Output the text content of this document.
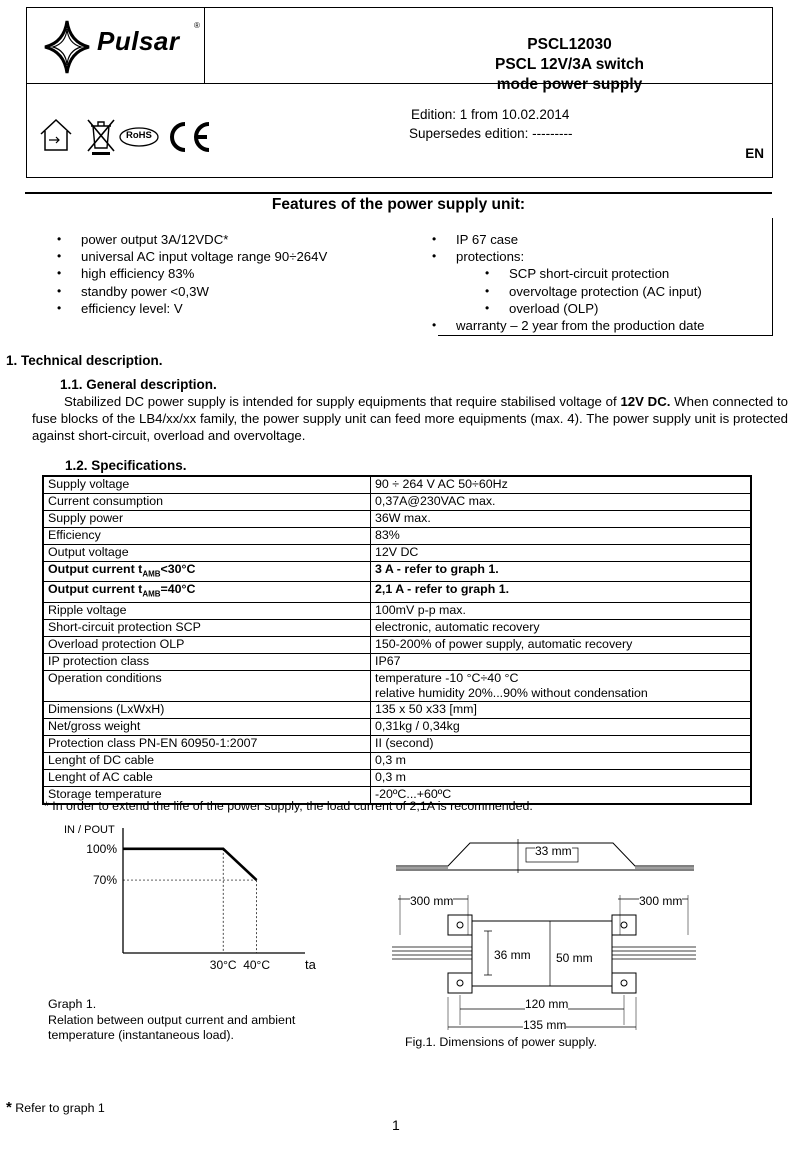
Pulsar
®
PSCL12030
PSCL 12V/3A switch
mode power supply
RoHS
Edition: 1 from 10.02.2014
Supersedes edition: ---------
EN
Features of the power supply unit:
• power output 3A/12VDC*
• universal AC input voltage range 90÷264V
• high efficiency 83%
• standby power <0,3W
• efficiency level: V
• IP 67 case
• protections:
• SCP short-circuit protection
• overvoltage protection (AC input)
• overload (OLP)
• warranty – 2 year from the production date
1. Technical description.
1.1. General description.
Stabilized DC power supply is intended for supply equipments that require stabilised voltage of 12V DC. When connected to fuse blocks of the LB4/xx/xx family, the power supply unit can feed more equipments (max. 4). The power supply unit is protected against short-circuit, overload and overvoltage.
1.2. Specifications.
Supply voltage	90 ÷ 264 V AC 50÷60Hz
Current consumption	0,37A@230VAC max.
Supply power	36W max.
Efficiency	83%
Output voltage	12V DC
Output current $t_{AMB}<30^\circ C$	3 A - refer to graph 1.
Output current $t_{AMB}=40^\circ C$	2,1 A - refer to graph 1.
Ripple voltage	100mV p-p max.
Short-circuit protection SCP	electronic, automatic recovery
Overload protection OLP	150-200% of power supply, automatic recovery
IP protection class	IP67
Operation conditions	temperature -10 °C÷40 °C
relative humidity 20%...90% without condensation

Dimensions (LxWxH)	135 x 50 x33 [mm]
Net/gross weight	0,31kg / 0,34kg
Protection class PN-EN 60950-1:2007	II (second)
Lenght of DC cable	0,3 m
Lenght of AC cable	0,3 m
Storage temperature	-20ºC...+60ºC
* In order to extend the life of the power supply, the load current of 2,1A is recommended.
100%
70%
30°C 40°C
IN / POUT
ta
Graph 1.
Relation between output current and ambient
temperature (instantaneous load).
33 mm
300 mm	300 mm
36 mm 50 mm
120 mm
135 mm
Fig.1. Dimensions of power supply.
* Refer to graph 1
1
